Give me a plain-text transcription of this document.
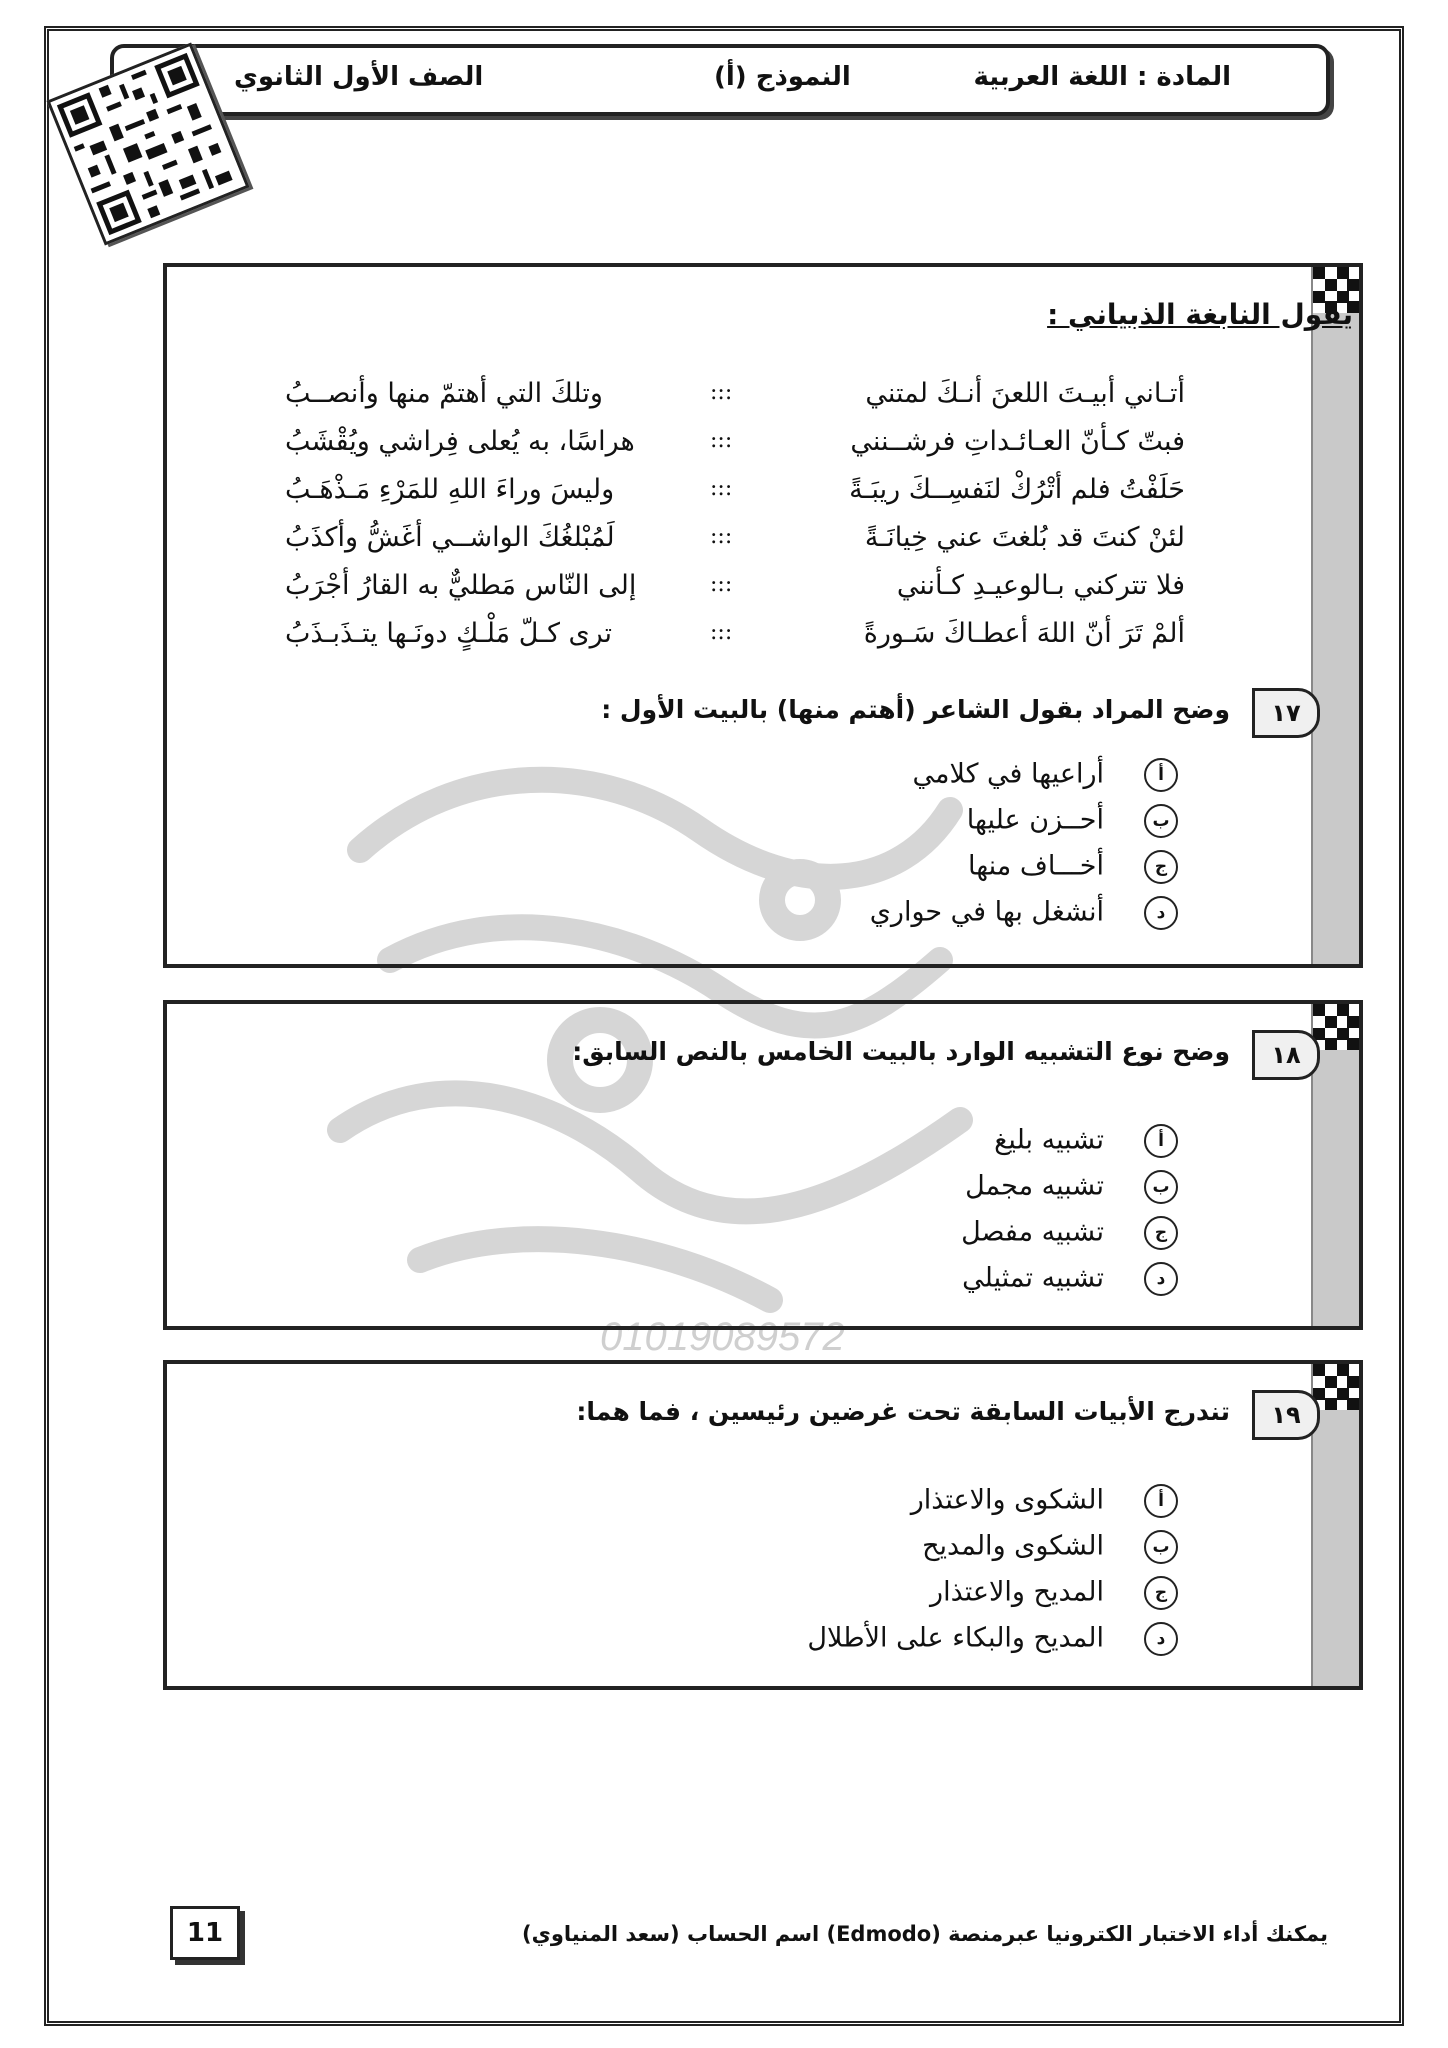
المادة : اللغة العربية
النموذج (أ)
الصف الأول الثانوي
01019089572
يقول النابغة الذبياني :
أتـاني أبيـتَ اللعنَ أنـكَ لمتني
:::
وتلكَ التي أهتمّ منها وأنصــبُ
فبتّ كـأنّ العـائـداتِ فرشــنني
:::
هراسًا، به يُعلى فِراشي ويُقْشَبُ
حَلَفْتُ فلم أتْرُكْ لنَفسِــكَ ريبَـةً
:::
وليسَ وراءَ اللهِ للمَرْءِ مَـذْهَـبُ
لئنْ كنتَ قد بُلغتَ عني خِيانَـةً
:::
لَمُبْلغُكَ الواشــي أغَشُّ وأكذَبُ
فلا تتركني بـالوعيـدِ كـأنني
:::
إلى النّاس مَطليٌّ به القارُ أجْرَبُ
ألمْ تَرَ أنّ اللهَ أعطـاكَ سَـورةً
:::
ترى كـلّ مَلْـكٍ دونَـها يتـذَبـذَبُ
١٧
وضح المراد بقول الشاعر (أهتم منها) بالبيت الأول :
أأراعيها في كلامي
بأحــزن عليها
جأخـــاف منها
دأنشغل بها في حواري
١٨
وضح نوع التشبيه الوارد بالبيت الخامس بالنص السابق:
أتشبيه بليغ
بتشبيه مجمل
جتشبيه مفصل
دتشبيه تمثيلي
١٩
تندرج الأبيات السابقة تحت غرضين رئيسين ، فما هما:
أالشكوى والاعتذار
بالشكوى والمديح
جالمديح والاعتذار
دالمديح والبكاء على الأطلال
11	يمكنك أداء الاختبار الكترونيا عبرمنصة (Edmodo) اسم الحساب (سعد المنياوي)
